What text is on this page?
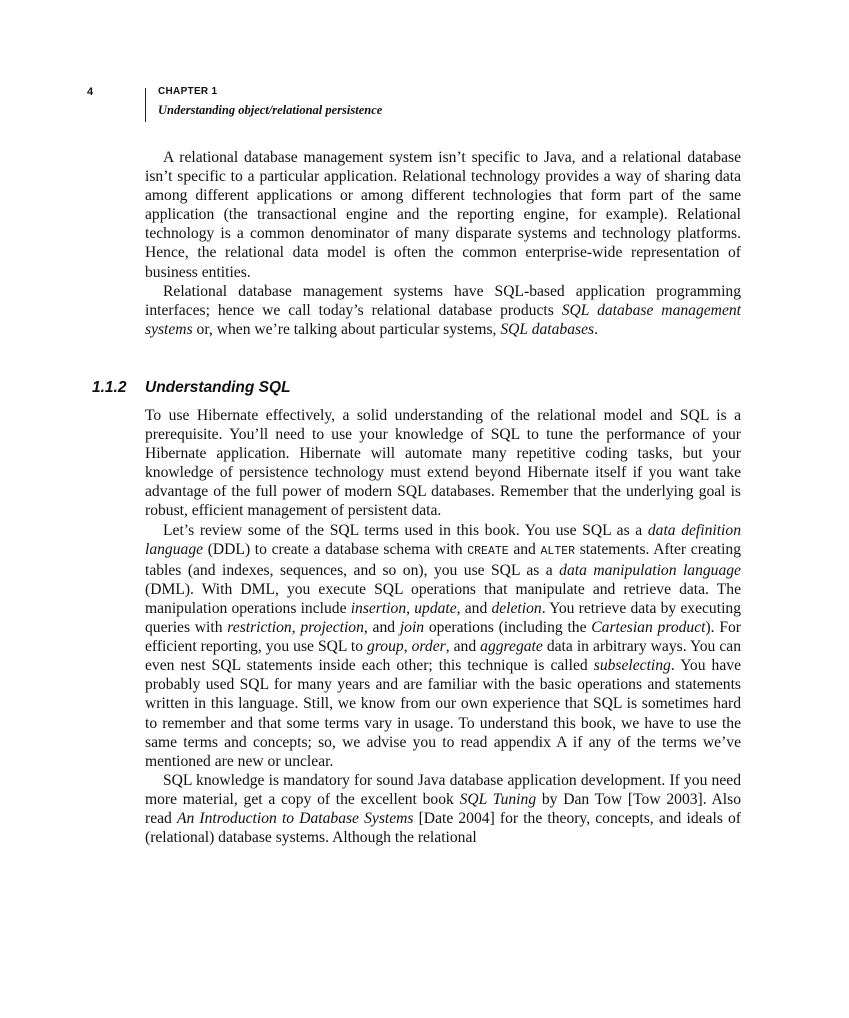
4	CHAPTER 1
Understanding object/relational persistence

A relational database management system isn’t specific to Java, and a relational database isn’t specific to a particular application. Relational technology provides a way of sharing data among different applications or among different technologies that form part of the same application (the transactional engine and the reporting engine, for example). Relational technology is a common denominator of many disparate systems and technology platforms. Hence, the relational data model is often the common enterprise-wide representation of business entities.

Relational database management systems have SQL-based application programming interfaces; hence we call today’s relational database products SQL database management systems or, when we’re talking about particular systems, SQL databases.

1.1.2 Understanding SQL

To use Hibernate effectively, a solid understanding of the relational model and SQL is a prerequisite. You’ll need to use your knowledge of SQL to tune the performance of your Hibernate application. Hibernate will automate many repetitive coding tasks, but your knowledge of persistence technology must extend beyond Hibernate itself if you want take advantage of the full power of modern SQL databases. Remember that the underlying goal is robust, efficient management of persistent data.

Let’s review some of the SQL terms used in this book. You use SQL as a data definition language (DDL) to create a database schema with CREATE and ALTER statements. After creating tables (and indexes, sequences, and so on), you use SQL as a data manipulation language (DML). With DML, you execute SQL operations that manipulate and retrieve data. The manipulation operations include insertion, update, and deletion. You retrieve data by executing queries with restriction, projection, and join operations (including the Cartesian product). For efficient reporting, you use SQL to group, order, and aggregate data in arbitrary ways. You can even nest SQL statements inside each other; this technique is called subselecting. You have probably used SQL for many years and are familiar with the basic operations and statements written in this language. Still, we know from our own experience that SQL is sometimes hard to remember and that some terms vary in usage. To understand this book, we have to use the same terms and concepts; so, we advise you to read appendix A if any of the terms we’ve mentioned are new or unclear.

SQL knowledge is mandatory for sound Java database application development. If you need more material, get a copy of the excellent book SQL Tuning by Dan Tow [Tow 2003]. Also read An Introduction to Database Systems [Date 2004] for the theory, concepts, and ideals of (relational) database systems. Although the relational
